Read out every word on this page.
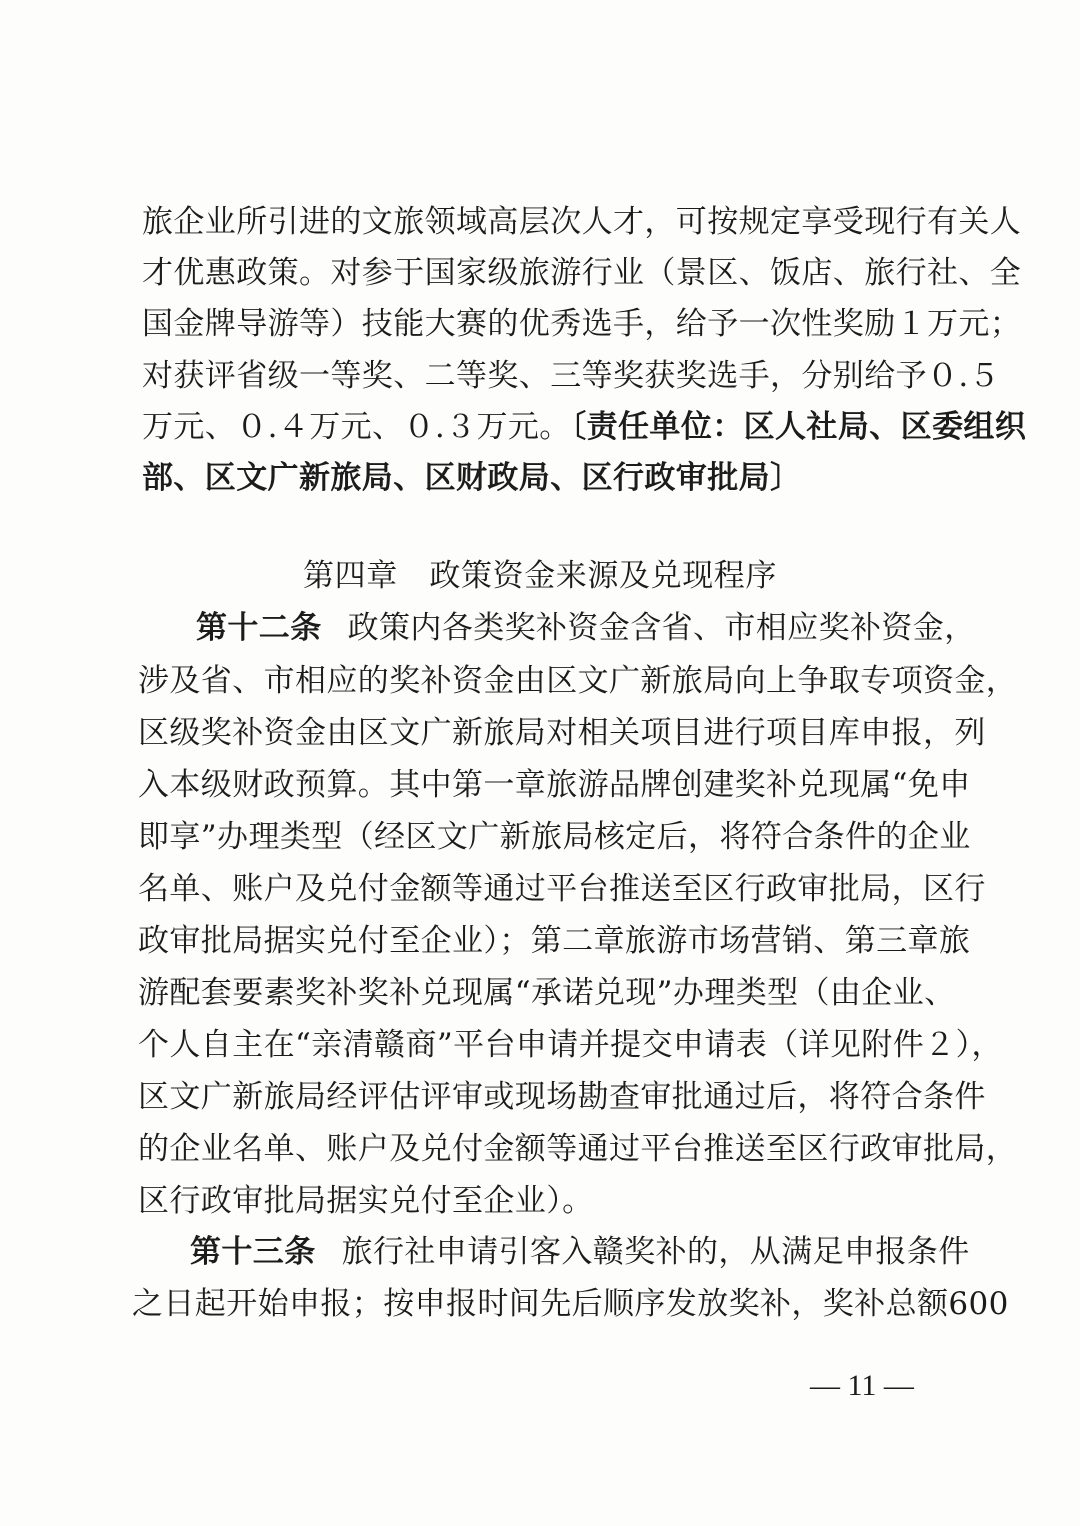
旅企业所引进的文旅领域高层次人才，可按规定享受现行有关人
才优惠政策。对参于国家级旅游行业（景区、饭店、旅行社、全
国金牌导游等）技能大赛的优秀选手，给予一次性奖励１万元；
对获评省级一等奖、二等奖、三等奖获奖选手，分别给予０.５
万元、０.４万元、０.３万元。〔责任单位：区人社局、区委组织
部、区文广新旅局、区财政局、区行政审批局〕
第四章　政策资金来源及兑现程序
第十二条 政策内各类奖补资金含省、市相应奖补资金，
涉及省、市相应的奖补资金由区文广新旅局向上争取专项资金，
区级奖补资金由区文广新旅局对相关项目进行项目库申报，列
入本级财政预算。其中第一章旅游品牌创建奖补兑现属“免申
即享”办理类型（经区文广新旅局核定后，将符合条件的企业
名单、账户及兑付金额等通过平台推送至区行政审批局，区行
政审批局据实兑付至企业）；第二章旅游市场营销、第三章旅
游配套要素奖补奖补兑现属“承诺兑现”办理类型（由企业、
个人自主在“亲清赣商”平台申请并提交申请表（详见附件２），
区文广新旅局经评估评审或现场勘查审批通过后，将符合条件
的企业名单、账户及兑付金额等通过平台推送至区行政审批局，
区行政审批局据实兑付至企业）。
第十三条 旅行社申请引客入赣奖补的，从满足申报条件
之日起开始申报；按申报时间先后顺序发放奖补，奖补总额600
— 11 —
